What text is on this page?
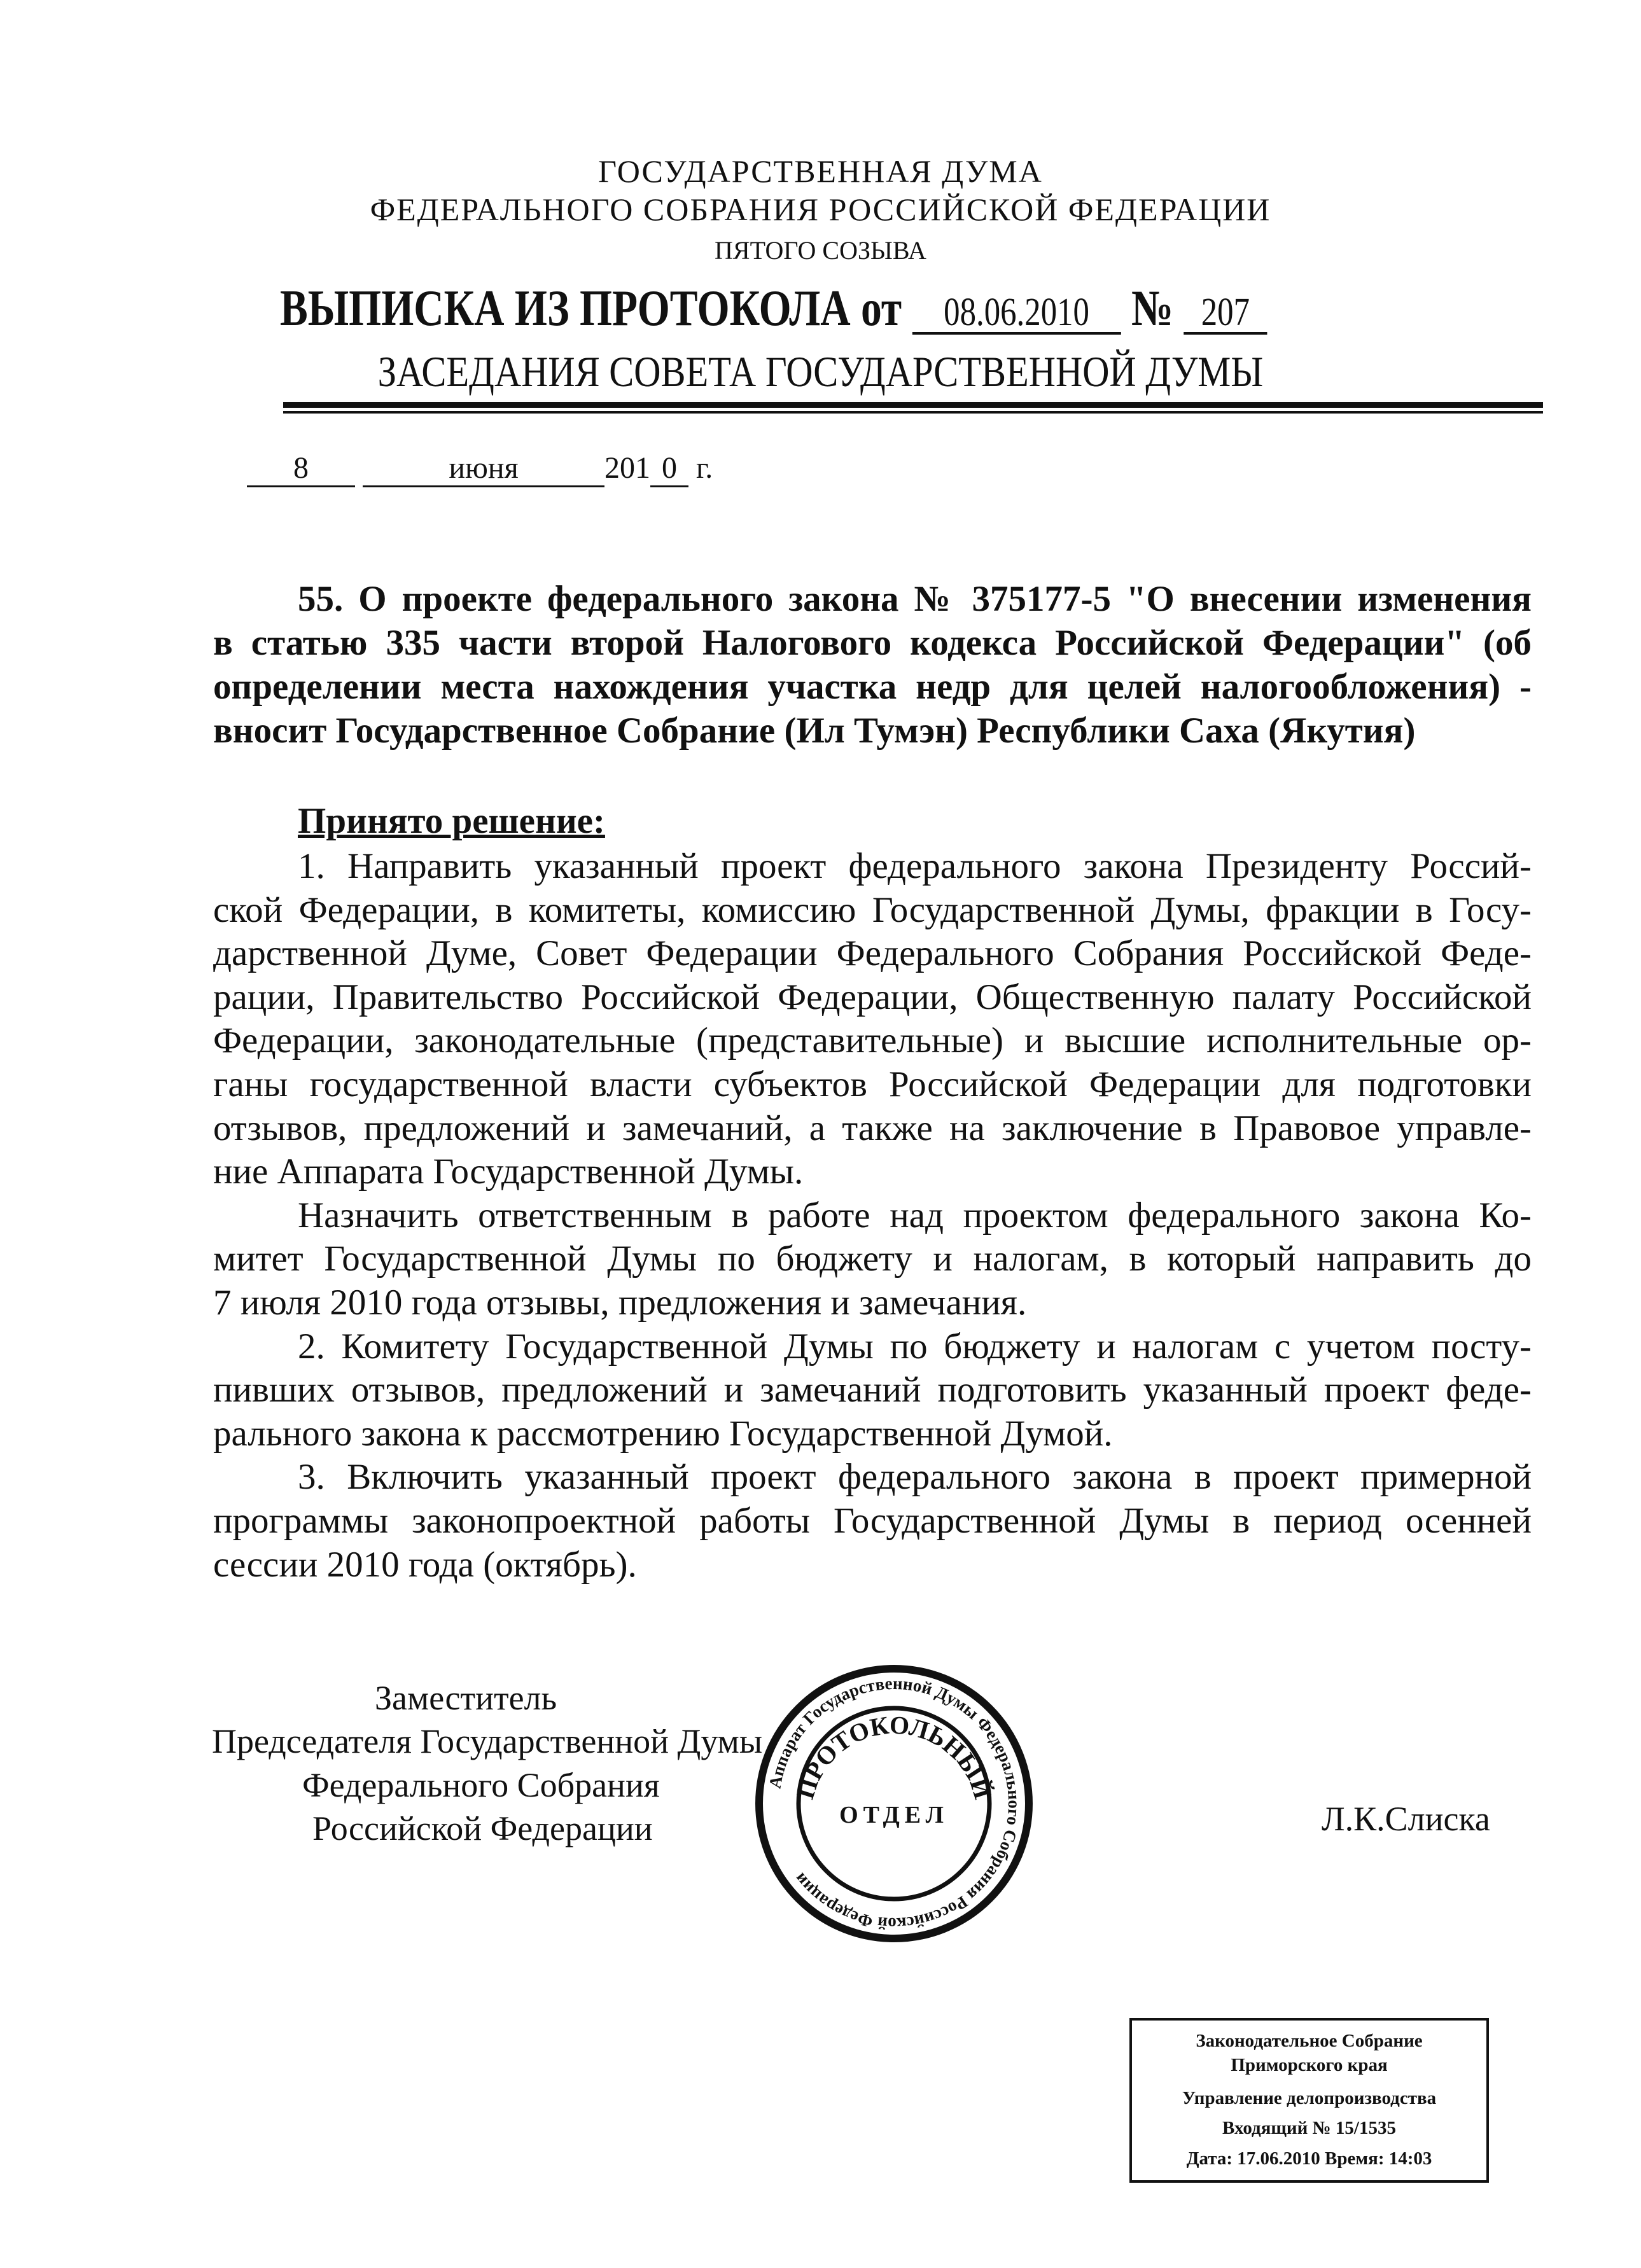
ГОСУДАРСТВЕННАЯ ДУМА
ФЕДЕРАЛЬНОГО СОБРАНИЯ РОССИЙСКОЙ ФЕДЕРАЦИИ
ПЯТОГО СОЗЫВА
ВЫПИСКА ИЗ ПРОТОКОЛА от 08.06.2010 № 207
ЗАСЕДАНИЯ СОВЕТА ГОСУДАРСТВЕННОЙ ДУМЫ
8	июня	201 0 г.
55. О проекте федерального закона № 375177-5 "О внесении изменения
в статью 335 части второй Налогового кодекса Российской Федерации" (об
определении места нахождения участка недр для целей налогообложения) -
вносит Государственное Собрание (Ил Тумэн) Республики Саха (Якутия)
Принято решение:
1. Направить указанный проект федерального закона Президенту Россий-
ской Федерации, в комитеты, комиссию Государственной Думы, фракции в Госу-
дарственной Думе, Совет Федерации Федерального Собрания Российской Феде-
рации, Правительство Российской Федерации, Общественную палату Российской
Федерации, законодательные (представительные) и высшие исполнительные ор-
ганы государственной власти субъектов Российской Федерации для подготовки
отзывов, предложений и замечаний, а также на заключение в Правовое управле-
ние Аппарата Государственной Думы.
Назначить ответственным в работе над проектом федерального закона Ко-
митет Государственной Думы по бюджету и налогам, в который направить до
7 июля 2010 года отзывы, предложения и замечания.
2. Комитету Государственной Думы по бюджету и налогам с учетом посту-
пивших отзывов, предложений и замечаний подготовить указанный проект феде-
рального закона к рассмотрению Государственной Думой.
3. Включить указанный проект федерального закона в проект примерной
программы законопроектной работы Государственной Думы в период осенней
сессии 2010 года (октябрь).
Заместитель
Председателя Государственной Думы
Федерального Собрания
Российской Федерации	Л.К.Слиска
Аппарат Государственной Думы Федерального Собрания Российской Федерации
ПРОТОКОЛЬНЫЙ
ОТДЕЛ
Законодательное Собрание
Приморского края
Управление делопроизводства
Входящий № 15/1535
Дата: 17.06.2010 Время: 14:03
